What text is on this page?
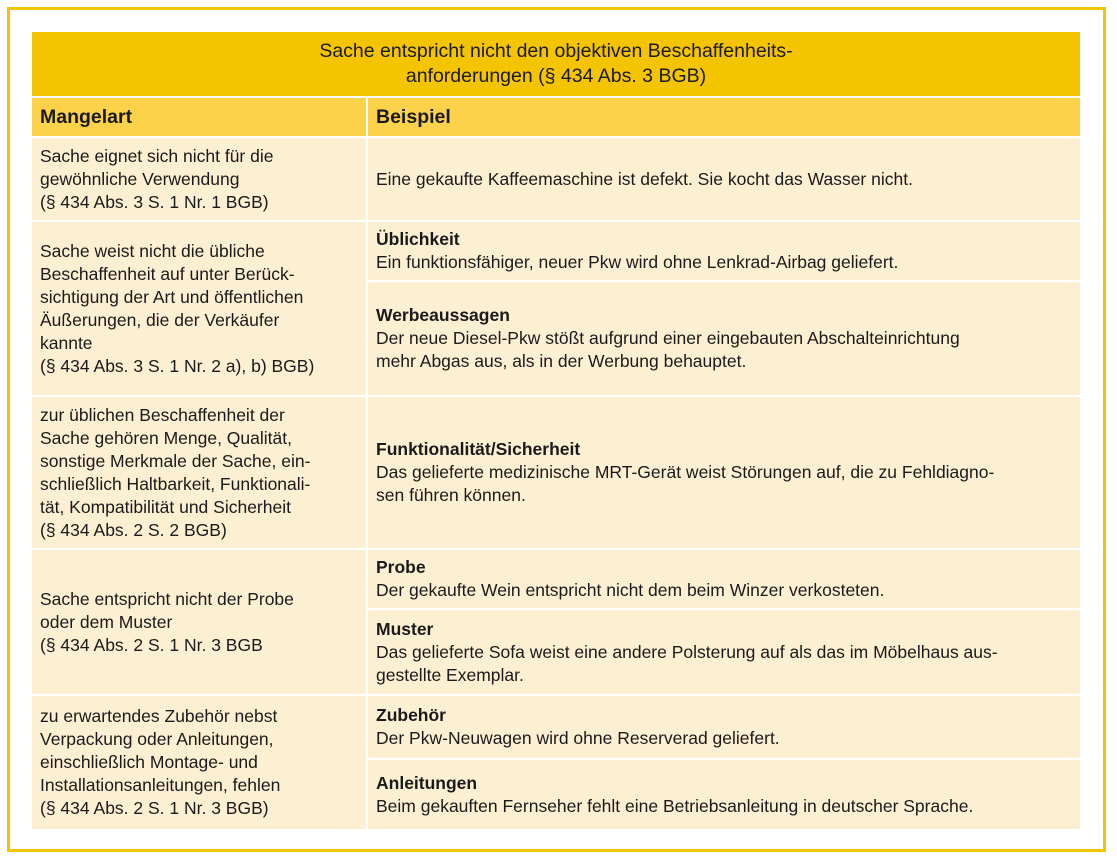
Sache entspricht nicht den objektiven Beschaffenheits-
anforderungen (§ 434 Abs. 3 BGB)
Mangelart	Beispiel
Sache eignet sich nicht für die
gewöhnliche Verwendung
(§ 434 Abs. 3 S. 1 Nr. 1 BGB)
Eine gekaufte Kaffeemaschine ist defekt. Sie kocht das Wasser nicht.
Sache weist nicht die übliche
Beschaffenheit auf unter Berück-
sichtigung der Art und öffentlichen
Äußerungen, die der Verkäufer
kannte
(§ 434 Abs. 3 S. 1 Nr. 2 a), b) BGB)
Üblichkeit
Ein funktionsfähiger, neuer Pkw wird ohne Lenkrad-Airbag geliefert.
Werbeaussagen
Der neue Diesel-Pkw stößt aufgrund einer eingebauten Abschalteinrichtung
mehr Abgas aus, als in der Werbung behauptet.
zur üblichen Beschaffenheit der
Sache gehören Menge, Qualität,
sonstige Merkmale der Sache, ein-
schließlich Haltbarkeit, Funktionali-
tät, Kompatibilität und Sicherheit
(§ 434 Abs. 2 S. 2 BGB)
Funktionalität/Sicherheit
Das gelieferte medizinische MRT-Gerät weist Störungen auf, die zu Fehldiagno-
sen führen können.
Sache entspricht nicht der Probe
oder dem Muster
(§ 434 Abs. 2 S. 1 Nr. 3 BGB
Probe
Der gekaufte Wein entspricht nicht dem beim Winzer verkosteten.
Muster
Das gelieferte Sofa weist eine andere Polsterung auf als das im Möbelhaus aus-
gestellte Exemplar.
zu erwartendes Zubehör nebst
Verpackung oder Anleitungen,
einschließlich Montage- und
Installationsanleitungen, fehlen
(§ 434 Abs. 2 S. 1 Nr. 3 BGB)
Zubehör
Der Pkw-Neuwagen wird ohne Reserverad geliefert.
Anleitungen
Beim gekauften Fernseher fehlt eine Betriebsanleitung in deutscher Sprache.
